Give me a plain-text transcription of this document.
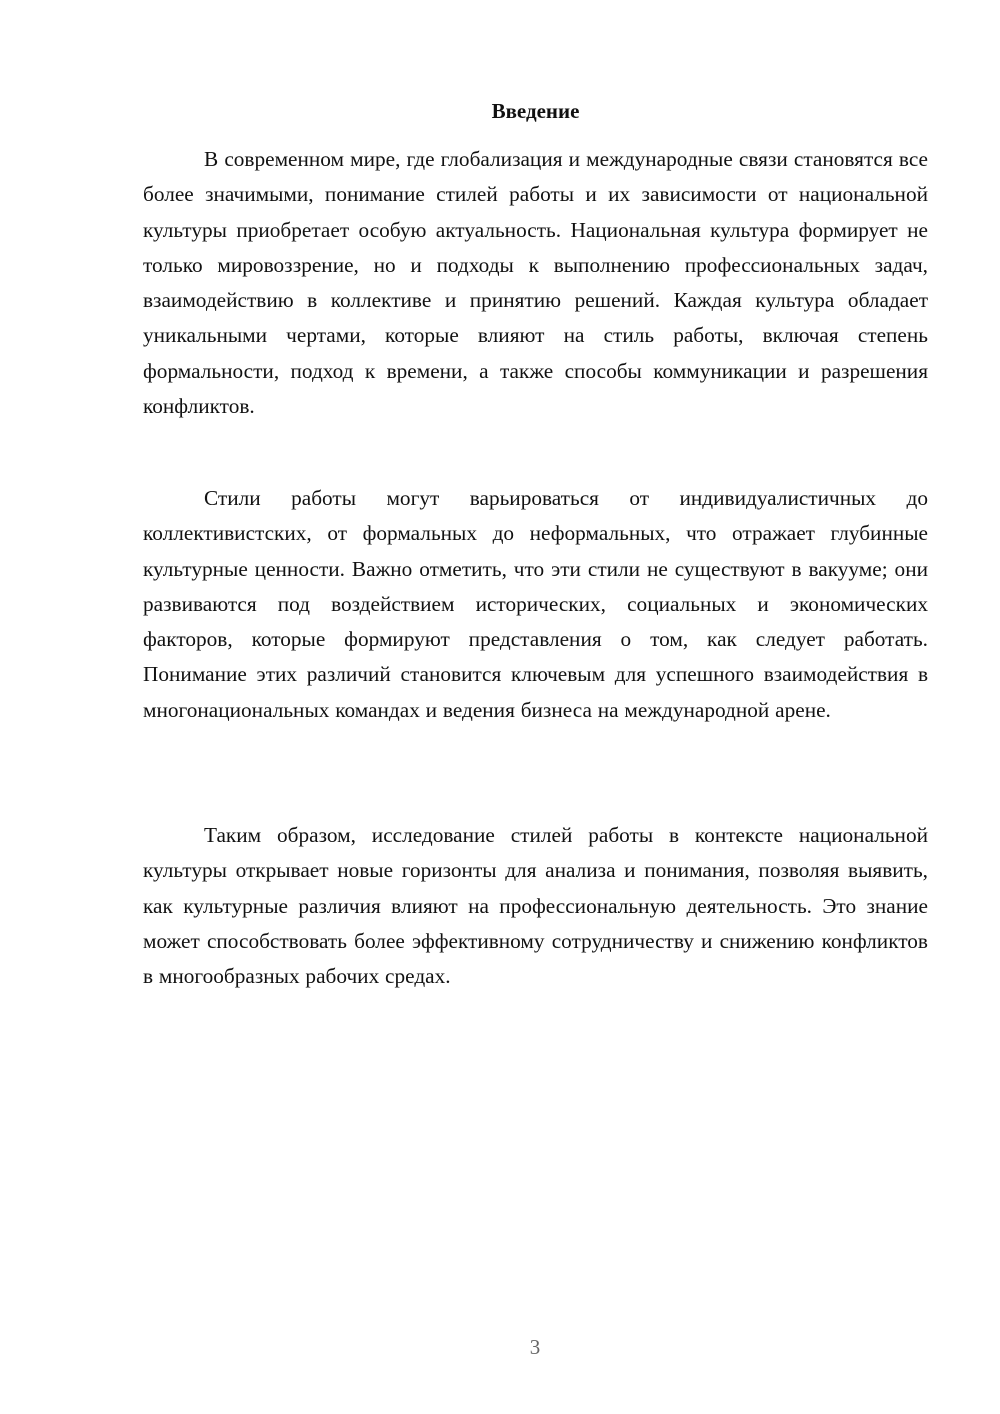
Введение

В современном мире, где глобализация и международные связи становятся все более значимыми, понимание стилей работы и их зависимости от национальной культуры приобретает особую актуальность. Национальная культура формирует не только мировоззрение, но и подходы к выполнению профессиональных задач, взаимодействию в коллективе и принятию решений. Каждая культура обладает уникальными чертами, которые влияют на стиль работы, включая степень формальности, подход к времени, а также способы коммуникации и разрешения конфликтов.

Стили работы могут варьироваться от индивидуалистичных до коллективистских, от формальных до неформальных, что отражает глубинные культурные ценности. Важно отметить, что эти стили не существуют в вакууме; они развиваются под воздействием исторических, социальных и экономических факторов, которые формируют представления о том, как следует работать. Понимание этих различий становится ключевым для успешного взаимодействия в многонациональных командах и ведения бизнеса на международной арене.

Таким образом, исследование стилей работы в контексте национальной культуры открывает новые горизонты для анализа и понимания, позволяя выявить, как культурные различия влияют на профессиональную деятельность. Это знание может способствовать более эффективному сотрудничеству и снижению конфликтов в многообразных рабочих средах.

3
